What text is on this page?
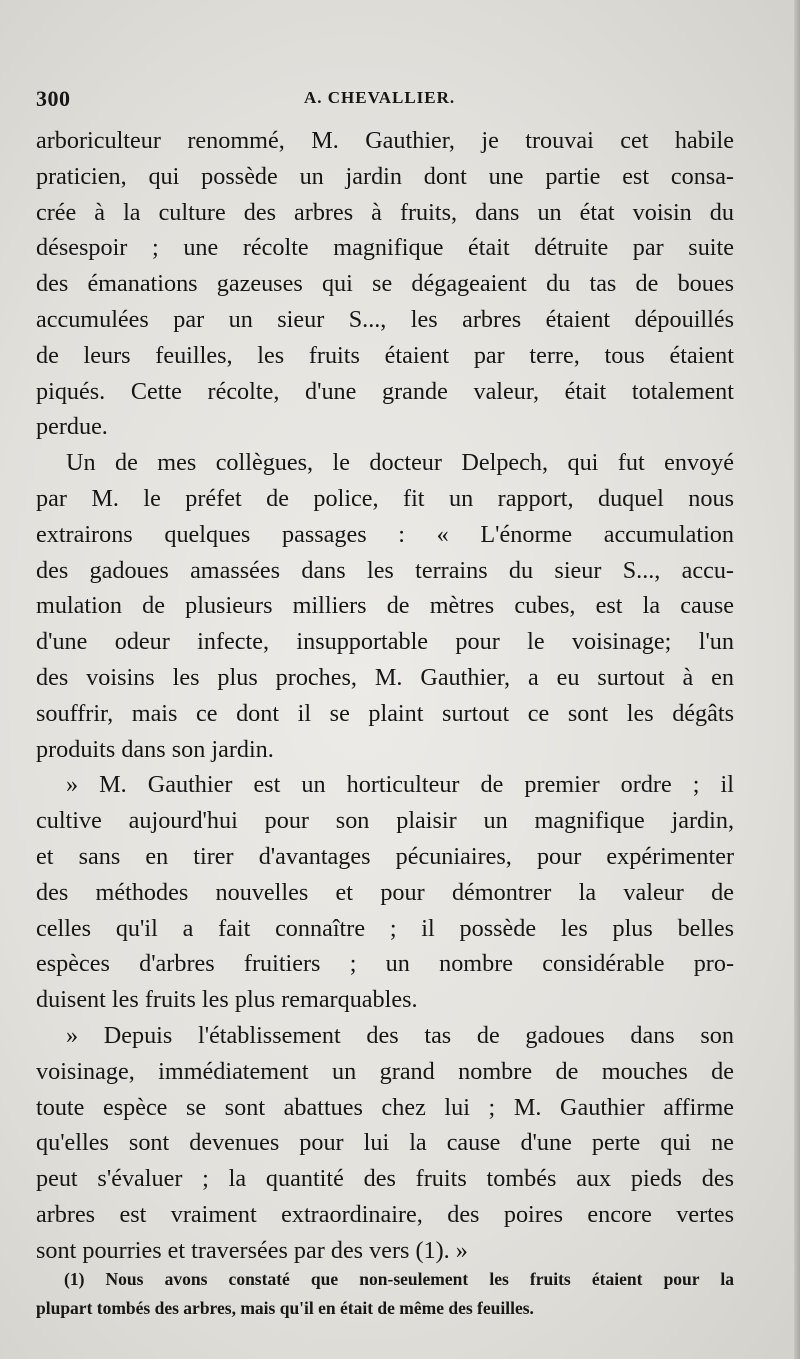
300	A. CHEVALLIER.
arboriculteur renommé, M. Gauthier, je trouvai cet habile
praticien, qui possède un jardin dont une partie est consa-
crée à la culture des arbres à fruits, dans un état voisin du
désespoir ; une récolte magnifique était détruite par suite
des émanations gazeuses qui se dégageaient du tas de boues
accumulées par un sieur S..., les arbres étaient dépouillés
de leurs feuilles, les fruits étaient par terre, tous étaient
piqués. Cette récolte, d'une grande valeur, était totalement
perdue.
Un de mes collègues, le docteur Delpech, qui fut envoyé
par M. le préfet de police, fit un rapport, duquel nous
extrairons quelques passages : « L'énorme accumulation
des gadoues amassées dans les terrains du sieur S..., accu-
mulation de plusieurs milliers de mètres cubes, est la cause
d'une odeur infecte, insupportable pour le voisinage; l'un
des voisins les plus proches, M. Gauthier, a eu surtout à en
souffrir, mais ce dont il se plaint surtout ce sont les dégâts
produits dans son jardin.
» M. Gauthier est un horticulteur de premier ordre ; il
cultive aujourd'hui pour son plaisir un magnifique jardin,
et sans en tirer d'avantages pécuniaires, pour expérimenter
des méthodes nouvelles et pour démontrer la valeur de
celles qu'il a fait connaître ; il possède les plus belles
espèces d'arbres fruitiers ; un nombre considérable pro-
duisent les fruits les plus remarquables.
» Depuis l'établissement des tas de gadoues dans son
voisinage, immédiatement un grand nombre de mouches de
toute espèce se sont abattues chez lui ; M. Gauthier affirme
qu'elles sont devenues pour lui la cause d'une perte qui ne
peut s'évaluer ; la quantité des fruits tombés aux pieds des
arbres est vraiment extraordinaire, des poires encore vertes
sont pourries et traversées par des vers (1). »
(1) Nous avons constaté que non-seulement les fruits étaient pour la
plupart tombés des arbres, mais qu'il en était de même des feuilles.
